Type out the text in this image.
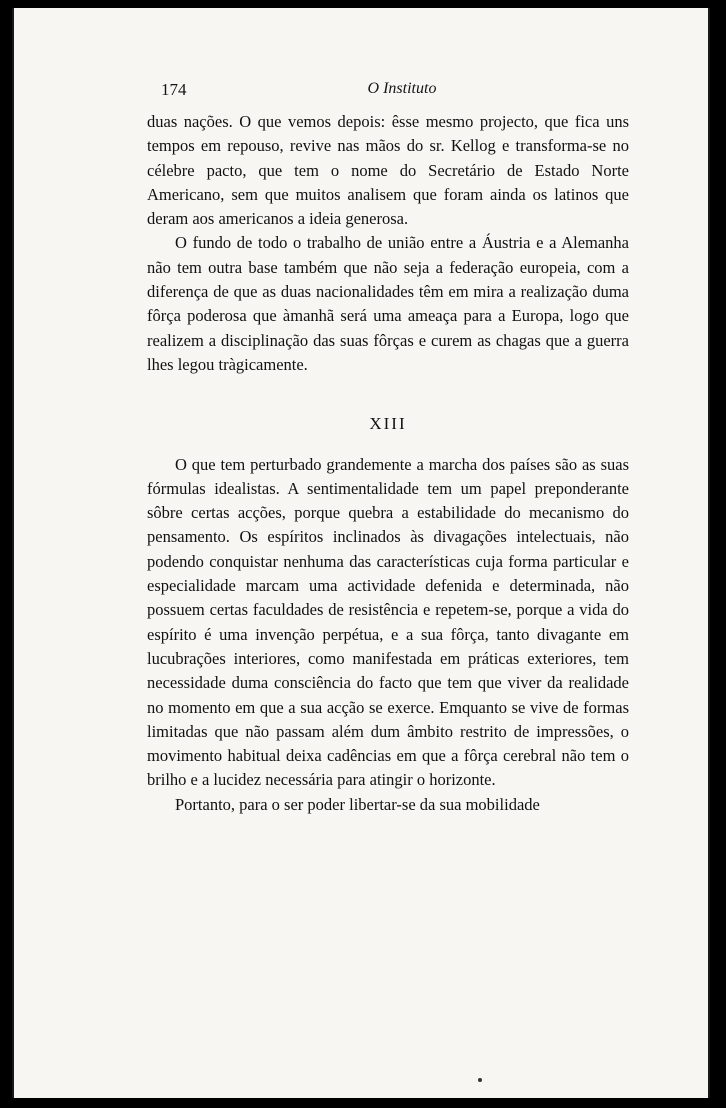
174	O Instituto

duas nações. O que vemos depois: êsse mesmo projecto, que fica uns tempos em repouso, revive nas mãos do sr. Kellog e transforma-se no célebre pacto, que tem o nome do Secretário de Estado Norte Americano, sem que muitos analisem que foram ainda os latinos que deram aos americanos a ideia generosa.

O fundo de todo o trabalho de união entre a Áustria e a Alemanha não tem outra base também que não seja a federação europeia, com a diferença de que as duas nacionalidades têm em mira a realização duma fôrça poderosa que àmanhã será uma ameaça para a Europa, logo que realizem a disciplinação das suas fôrças e curem as chagas que a guerra lhes legou tràgicamente.

XIII

O que tem perturbado grandemente a marcha dos países são as suas fórmulas idealistas. A sentimentalidade tem um papel preponderante sôbre certas acções, porque quebra a estabilidade do mecanismo do pensamento. Os espíritos inclinados às divagações intelectuais, não podendo conquistar nenhuma das características cuja forma particular e especialidade marcam uma actividade defenida e determinada, não possuem certas faculdades de resistência e repetem-se, porque a vida do espírito é uma invenção perpétua, e a sua fôrça, tanto divagante em lucubrações interiores, como manifestada em práticas exteriores, tem necessidade duma consciência do facto que tem que viver da realidade no momento em que a sua acção se exerce. Emquanto se vive de formas limitadas que não passam além dum âmbito restrito de impressões, o movimento habitual deixa cadências em que a fôrça cerebral não tem o brilho e a lucidez necessária para atingir o horizonte.

Portanto, para o ser poder libertar-se da sua mobilidade
